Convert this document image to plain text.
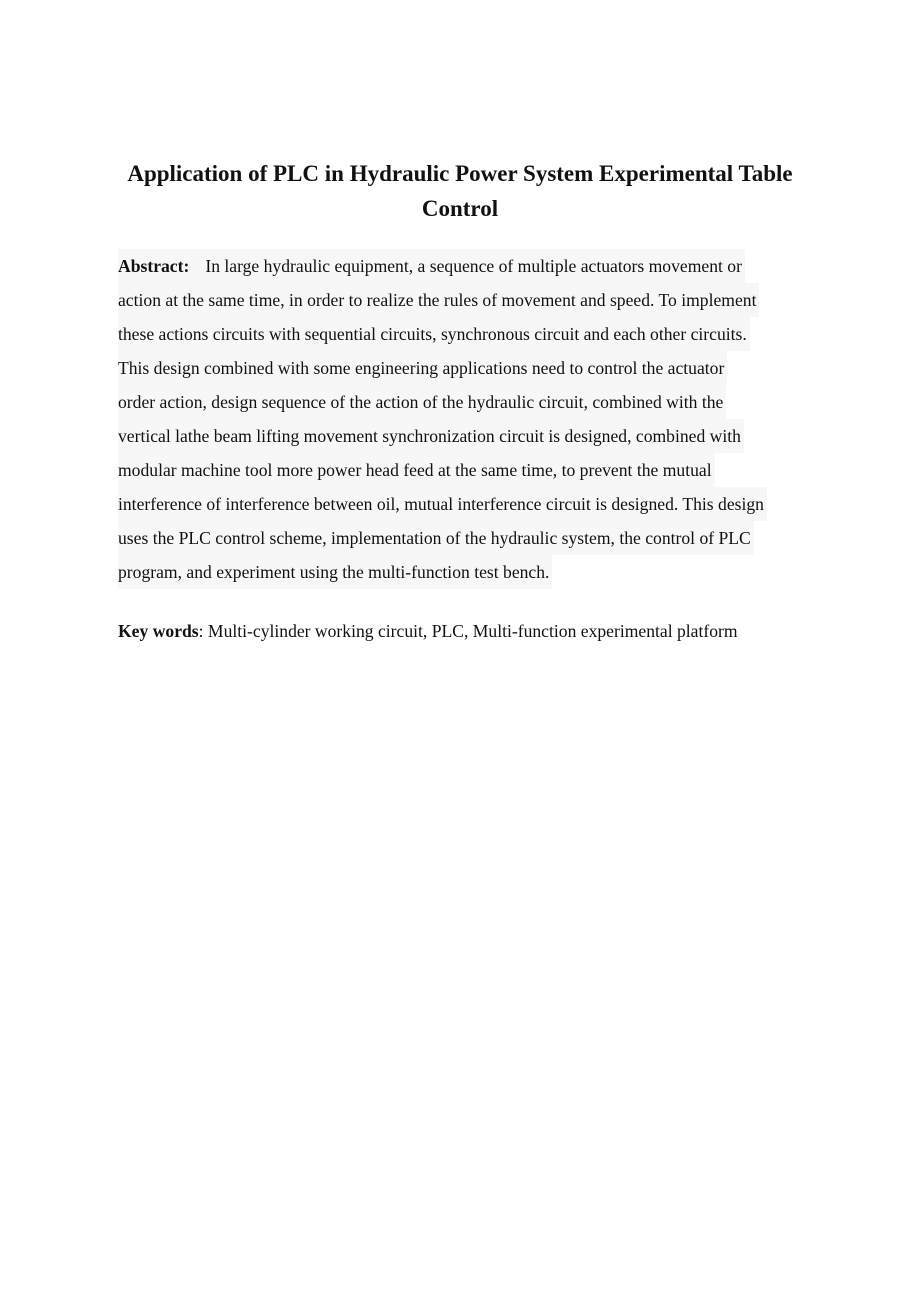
Application of PLC in Hydraulic Power System Experimental Table Control
Abstract: In large hydraulic equipment, a sequence of multiple actuators movement or
action at the same time, in order to realize the rules of movement and speed. To implement
these actions circuits with sequential circuits, synchronous circuit and each other circuits.
This design combined with some engineering applications need to control the actuator
order action, design sequence of the action of the hydraulic circuit, combined with the
vertical lathe beam lifting movement synchronization circuit is designed, combined with
modular machine tool more power head feed at the same time, to prevent the mutual
interference of interference between oil, mutual interference circuit is designed. This design
uses the PLC control scheme, implementation of the hydraulic system, the control of PLC
program, and experiment using the multi-function test bench.

Key words: Multi-cylinder working circuit, PLC, Multi-function experimental platform
